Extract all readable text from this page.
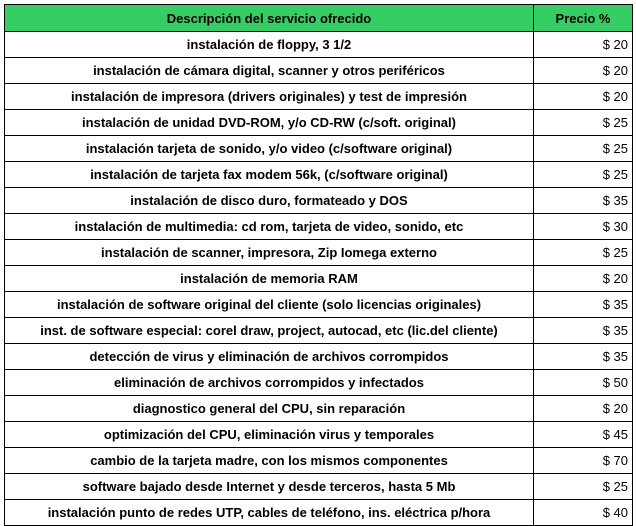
Descripción del servicio ofrecido	Precio %
instalación de floppy, 3 1/2	$ 20
instalación de cámara digital, scanner y otros periféricos	$ 20
instalación de impresora (drivers originales) y test de impresión	$ 20
instalación de unidad DVD-ROM, y/o CD-RW (c/soft. original)	$ 25
instalación tarjeta de sonido, y/o video (c/software original)	$ 25
instalación de tarjeta fax modem 56k, (c/software original)	$ 25
instalación de disco duro, formateado y DOS	$ 35
instalación de multimedia: cd rom, tarjeta de video, sonido, etc	$ 30
instalación de scanner, impresora, Zip Iomega externo	$ 25
instalación de memoria RAM	$ 20
instalación de software original del cliente (solo licencias originales)	$ 35
inst. de software especial: corel draw, project, autocad, etc (lic.del cliente)	$ 35
detección de virus y eliminación de archivos corrompidos	$ 35
eliminación de archivos corrompidos y infectados	$ 50
diagnostico general del CPU, sin reparación	$ 20
optimización del CPU, eliminación virus y temporales	$ 45
cambio de la tarjeta madre, con los mismos componentes	$ 70
software bajado desde Internet y desde terceros, hasta 5 Mb	$ 25
instalación punto de redes UTP, cables de teléfono, ins. eléctrica p/hora	$ 40
